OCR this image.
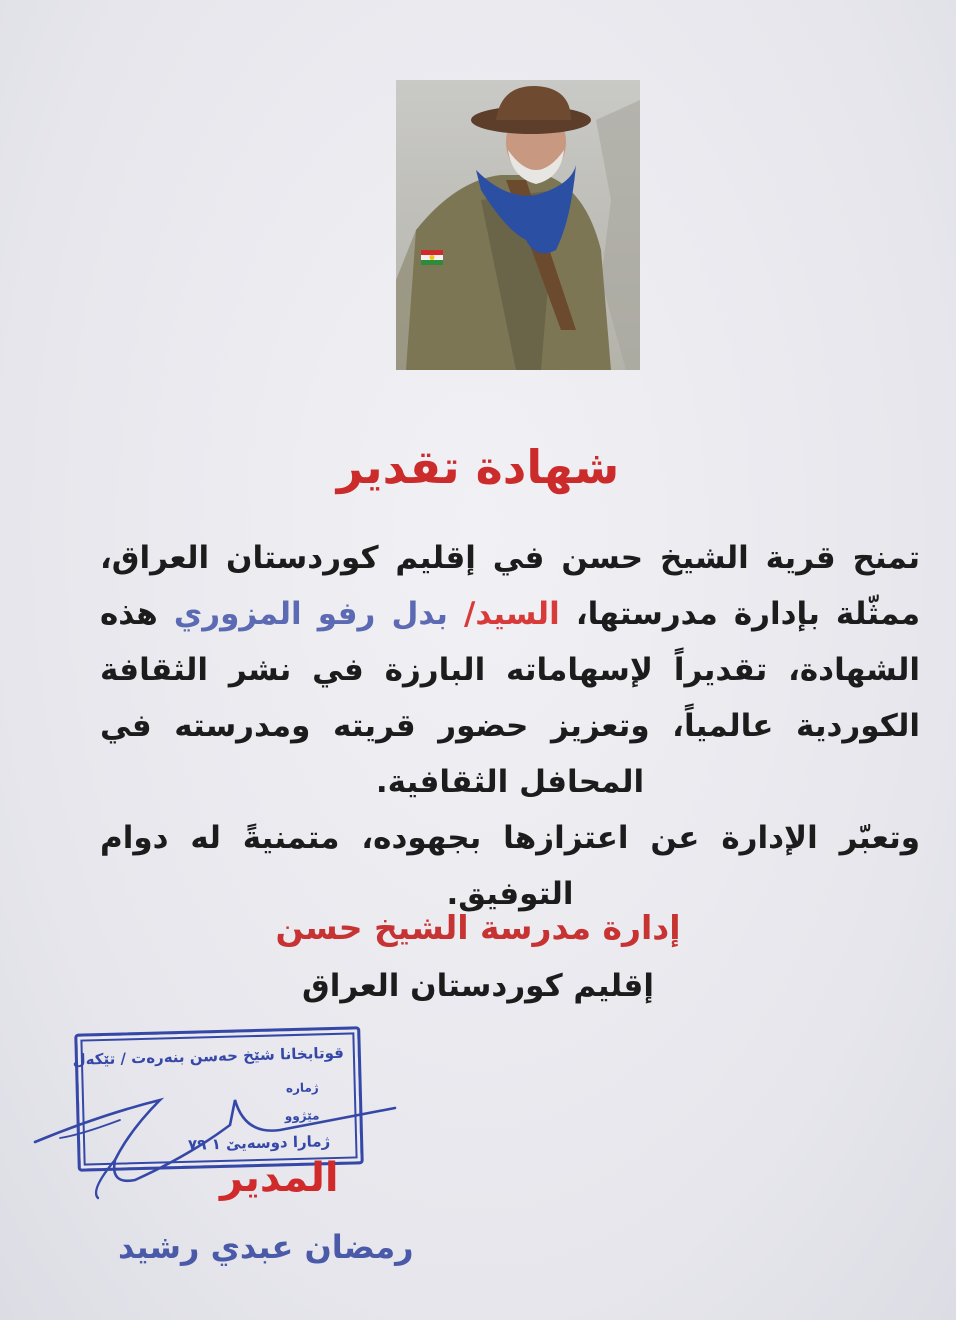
شهادة تقدير
تمنح قرية الشيخ حسن في إقليم كوردستان العراق، ممثّلة بإدارة مدرستها، السيد/ بدل رفو المزوري هذه الشهادة، تقديراً لإسهاماته البارزة في نشر الثقافة الكوردية عالمياً، وتعزيز حضور قريته ومدرسته في المحافل الثقافية.
وتعبّر الإدارة عن اعتزازها بجهوده، متمنيةً له دوام التوفيق.
إدارة مدرسة الشيخ حسن
إقليم كوردستان العراق
قوتابخانا شێخ حەسن بنەرەت / تێکەل
ژمارە
مێژوو
ژمارا دوسەیێ ١ ٧٩
المدير
رمضان عبدي رشيد
